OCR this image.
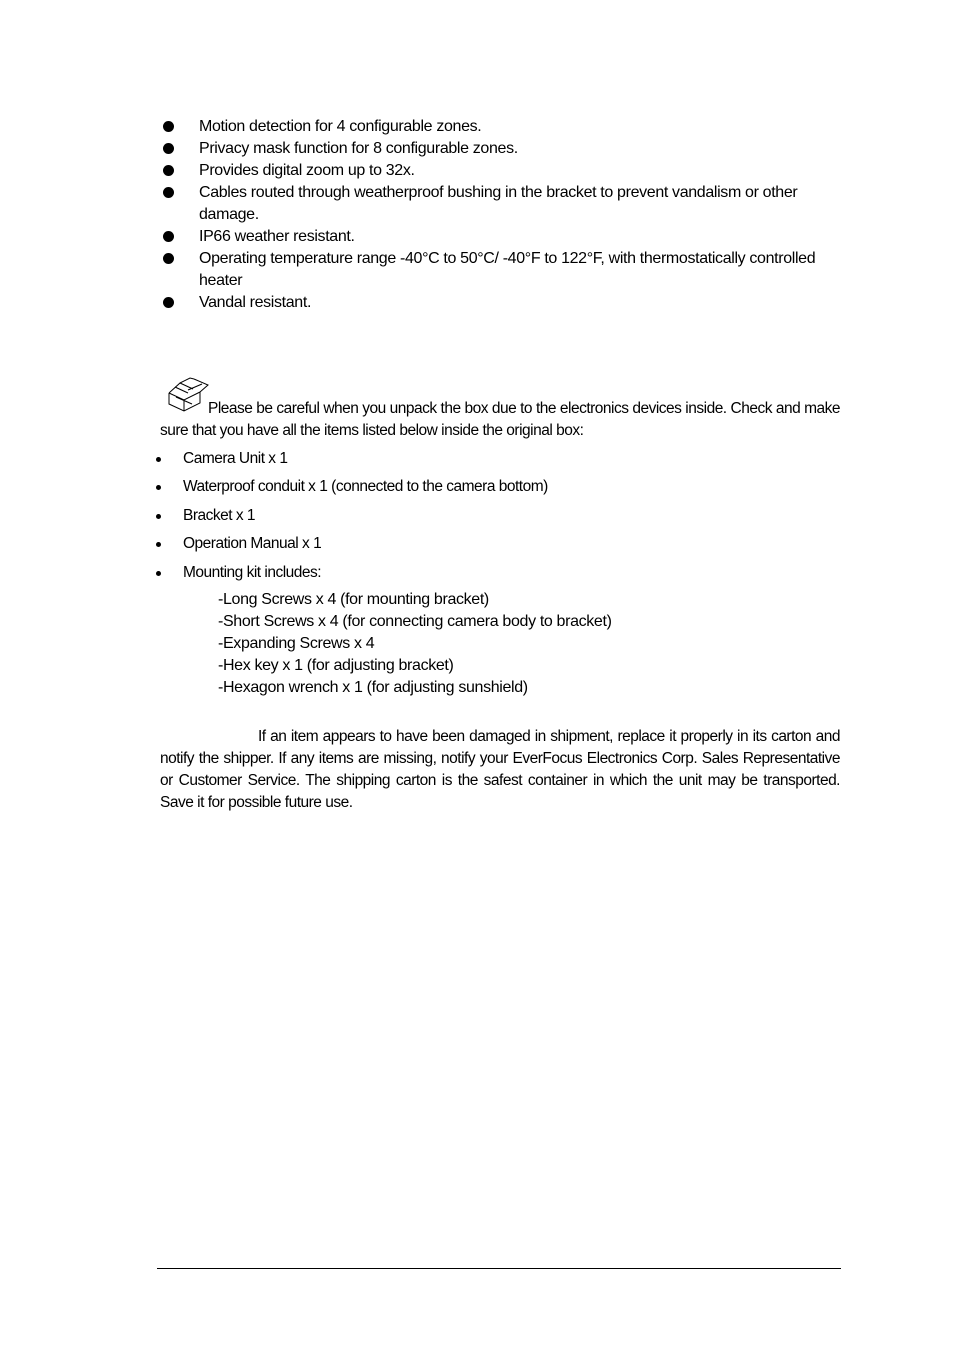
Motion detection for 4 configurable zones.
Privacy mask function for 8 configurable zones.
Provides digital zoom up to 32x.
Cables routed through weatherproof bushing in the bracket to prevent vandalism or other damage.
IP66 weather resistant.
Operating temperature range -40°C to 50°C/ -40°F to 122°F, with thermostatically controlled heater
Vandal resistant.
Please be careful when you unpack the box due to the electronics devices inside. Check and make sure that you have all the items listed below inside the original box:
Camera Unit x 1
Waterproof conduit x 1 (connected to the camera bottom)
Bracket x 1
Operation Manual x 1
Mounting kit includes:
-Long Screws x 4 (for mounting bracket)
-Short Screws x 4 (for connecting camera body to bracket)
-Expanding Screws x 4
-Hex key x 1 (for adjusting bracket)
-Hexagon wrench x 1 (for adjusting sunshield)
If an item appears to have been damaged in shipment, replace it properly in its carton and notify the shipper. If any items are missing, notify your EverFocus Electronics Corp. Sales Representative or Customer Service. The shipping carton is the safest container in which the unit may be transported. Save it for possible future use.
